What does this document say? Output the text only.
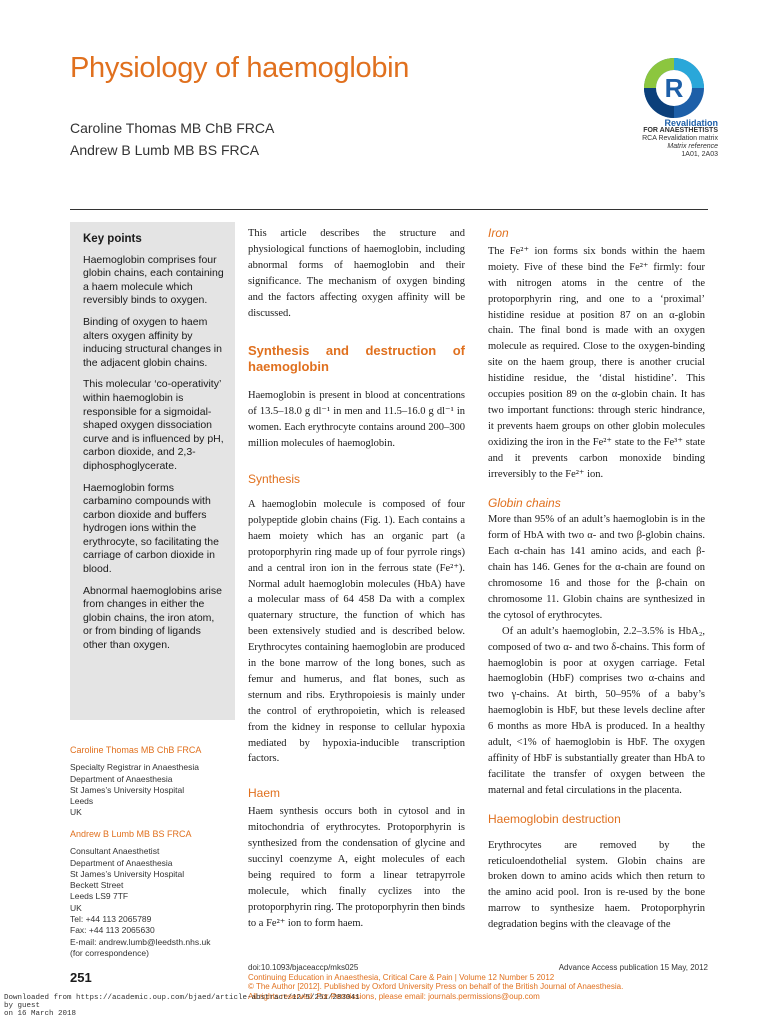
Physiology of haemoglobin
Caroline Thomas MB ChB FRCA
Andrew B Lumb MB BS FRCA
R
Revalidation
FOR ANAESTHETISTS
RCA Revalidation matrix
Matrix reference
1A01, 2A03
Key points

Haemoglobin comprises four globin chains, each containing a haem molecule which reversibly binds to oxygen.

Binding of oxygen to haem alters oxygen affinity by inducing structural changes in the adjacent globin chains.

This molecular ‘co-operativity’ within haemoglobin is responsible for a sigmoidal-shaped oxygen dissociation curve and is influenced by pH, carbon dioxide, and 2,3-diphosphoglycerate.

Haemoglobin forms carbamino compounds with carbon dioxide and buffers hydrogen ions within the erythrocyte, so facilitating the carriage of carbon dioxide in blood.

Abnormal haemoglobins arise from changes in either the globin chains, the iron atom, or from binding of ligands other than oxygen.

Caroline Thomas MB ChB FRCA
Specialty Registrar in Anaesthesia
Department of Anaesthesia
St James’s University Hospital
Leeds
UK
Andrew B Lumb MB BS FRCA
Consultant Anaesthetist
Department of Anaesthesia
St James’s University Hospital
Beckett Street
Leeds LS9 7TF
UK
Tel: +44 113 2065789
Fax: +44 113 2065630
E-mail: andrew.lumb@leedsth.nhs.uk
(for correspondence)

This article describes the structure and physiological functions of haemoglobin, including abnormal forms of haemoglobin and their significance. The mechanism of oxygen binding and the factors affecting oxygen affinity will be discussed.

Synthesis and destruction of haemoglobin

Haemoglobin is present in blood at concentrations of 13.5–18.0 g dl⁻¹ in men and 11.5–16.0 g dl⁻¹ in women. Each erythrocyte contains around 200–300 million molecules of haemoglobin.

Synthesis

A haemoglobin molecule is composed of four polypeptide globin chains (Fig. 1). Each contains a haem moiety which has an organic part (a protoporphyrin ring made up of four pyrrole rings) and a central iron ion in the ferrous state (Fe²⁺). Normal adult haemoglobin molecules (HbA) have a molecular mass of 64 458 Da with a complex quaternary structure, the function of which has been extensively studied and is described below. Erythrocytes containing haemoglobin are produced in the bone marrow of the long bones, such as femur and humerus, and flat bones, such as sternum and ribs. Erythropoiesis is mainly under the control of erythropoietin, which is released from the kidney in response to cellular hypoxia mediated by hypoxia-inducible transcription factors.

Haem

Haem synthesis occurs both in cytosol and in mitochondria of erythrocytes. Protoporphyrin is synthesized from the condensation of glycine and succinyl coenzyme A, eight molecules of each being required to form a linear tetrapyrrole molecule, which finally cyclizes into the protoporphyrin ring. The protoporphyrin then binds to a Fe²⁺ ion to form haem.

Iron

The Fe²⁺ ion forms six bonds within the haem moiety. Five of these bind the Fe²⁺ firmly: four with nitrogen atoms in the centre of the protoporphyrin ring, and one to a ‘proximal’ histidine residue at position 87 on an α-globin chain. The final bond is made with an oxygen molecule as required. Close to the oxygen-binding site on the haem group, there is another crucial histidine residue, the ‘distal histidine’. This occupies position 89 on the α-globin chain. It has two important functions: through steric hindrance, it prevents haem groups on other globin molecules oxidizing the iron in the Fe²⁺ state to the Fe³⁺ state and it prevents carbon monoxide binding irreversibly to the Fe²⁺ ion.

Globin chains

More than 95% of an adult’s haemoglobin is in the form of HbA with two α- and two β-globin chains. Each α-chain has 141 amino acids, and each β-chain has 146. Genes for the α-chain are found on chromosome 16 and those for the β-chain on chromosome 11. Globin chains are synthesized in the cytosol of erythrocytes.

Of an adult’s haemoglobin, 2.2–3.5% is HbA₂, composed of two α- and two δ-chains. This form of haemoglobin is poor at oxygen carriage. Fetal haemoglobin (HbF) comprises two α-chains and two γ-chains. At birth, 50–95% of a baby’s haemoglobin is HbF, but these levels decline after 6 months as more HbA is produced. In a healthy adult, <1% of haemoglobin is HbF. The oxygen affinity of HbF is substantially greater than HbA to facilitate the transfer of oxygen between the maternal and fetal circulations in the placenta.

Haemoglobin destruction

Erythrocytes are removed by the reticuloendothelial system. Globin chains are broken down to amino acids which then return to the amino acid pool. Iron is re-used by the bone marrow to synthesize haem. Protoporphyrin degradation begins with the cleavage of the

251
doi:10.1093/bjaceaccp/mks025	Advance Access publication 15 May, 2012
Continuing Education in Anaesthesia, Critical Care & Pain | Volume 12 Number 5 2012
© The Author [2012]. Published by Oxford University Press on behalf of the British Journal of Anaesthesia.
All rights reserved. For Permissions, please email: journals.permissions@oup.com
Downloaded from https://academic.oup.com/bjaed/article-abstract/12/5/251/283041
by guest
on 16 March 2018
